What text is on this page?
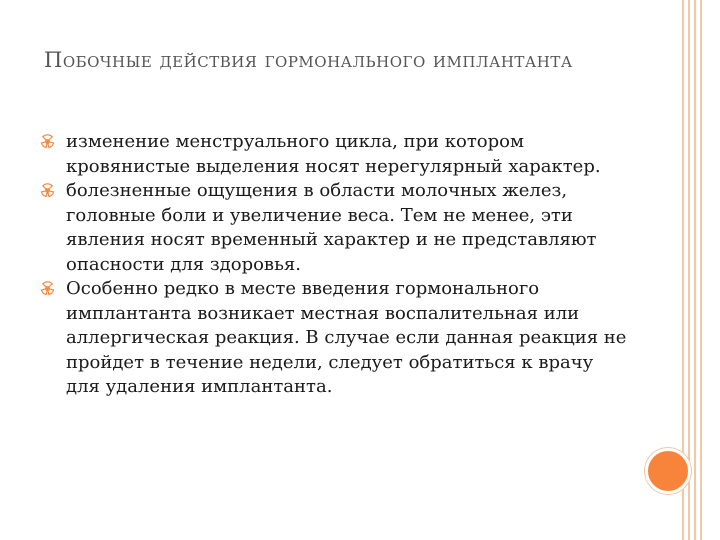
Побочные действия гормонального имплантанта
изменение менструального цикла, при котором кровянистые выделения носят нерегулярный характер.
болезненные ощущения в области молочных желез, головные боли и увеличение веса. Тем не менее, эти явления носят временный характер и не представляют опасности для здоровья.
Особенно редко в месте введения гормонального имплантанта возникает местная воспалительная или аллергическая реакция. В случае если данная реакция не пройдет в течение недели, следует обратиться к врачу для удаления имплантанта.
